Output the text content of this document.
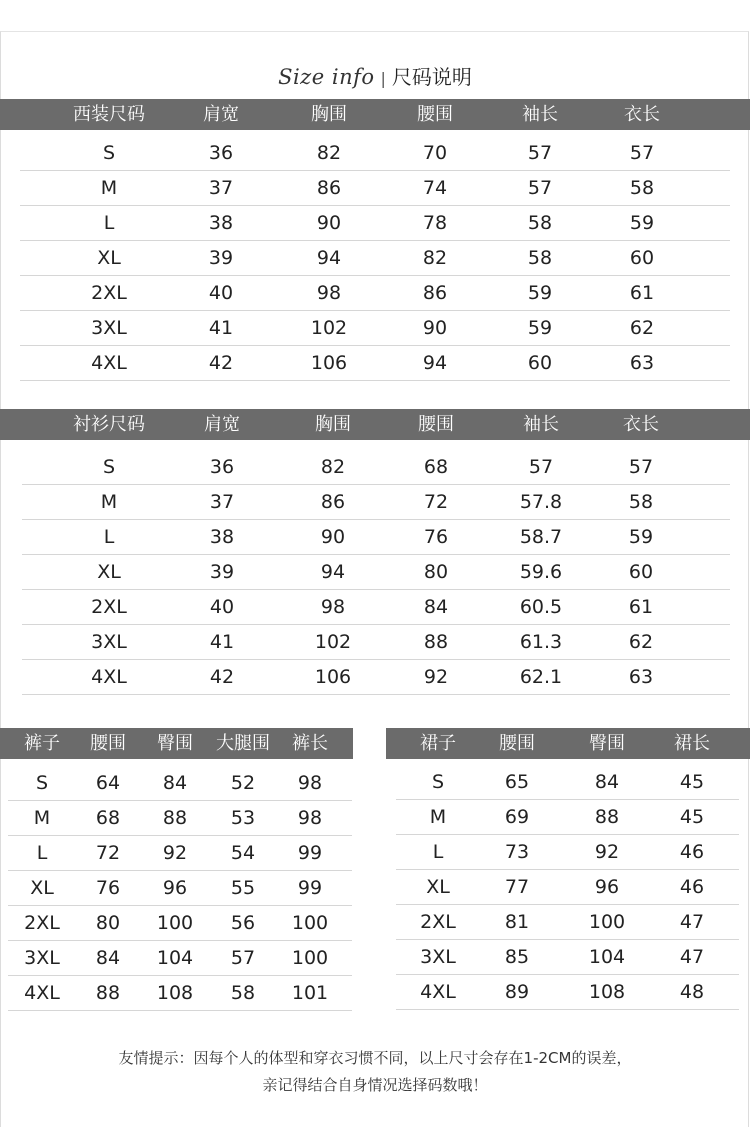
Size info | 尺码说明
西装尺码	肩宽	胸围	腰围	袖长	衣长
S	36	82	70	57	57
M	37	86	74	57	58
L	38	90	78	58	59
XL	39	94	82	58	60
2XL	40	98	86	59	61
3XL	41	102	90	59	62
4XL	42	106	94	60	63
衬衫尺码	肩宽	胸围	腰围	袖长	衣长
S	36	82	68	57	57
M	37	86	72	57.8	58
L	38	90	76	58.7	59
XL	39	94	80	59.6	60
2XL	40	98	84	60.5	61
3XL	41	102	88	61.3	62
4XL	42	106	92	62.1	63
裤子 腰围 臀围 大腿围 裤长
S	64 84 52 98
M 68 88 53 98
L	72 92 54 99
XL 76 96 55 99
2XL 80 100 56 100
3XL 84 104 57 100
4XL 88 108 58 101
裙子 腰围	臀围	裙长
S	65	84	45
M	69	88	45
L	73	92	46
XL	77	96	46
2XL	81	100	47
3XL	85	104	47
4XL	89	108	48
友情提示：因每个人的体型和穿衣习惯不同，以上尺寸会存在1-2CM的误差，
亲记得结合自身情况选择码数哦！
